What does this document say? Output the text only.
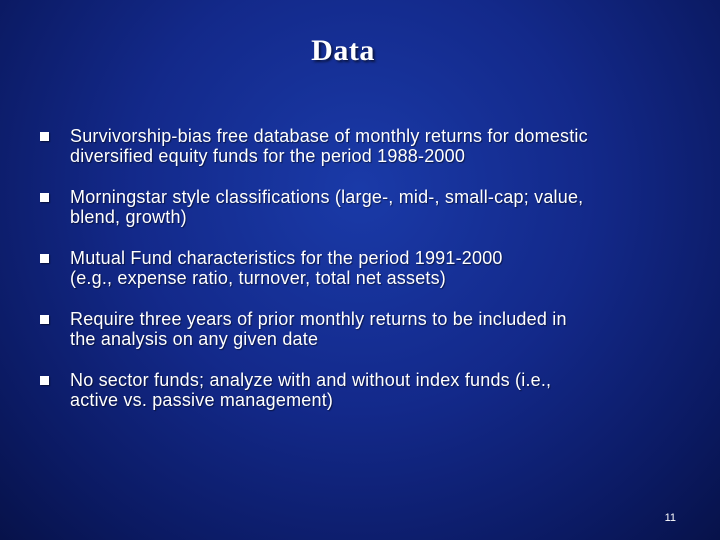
Data
Survivorship-bias free database of monthly returns for domestic
diversified equity funds for the period 1988-2000
Morningstar style classifications (large-, mid-, small-cap; value,
blend, growth)
Mutual Fund characteristics for the period 1991-2000
(e.g., expense ratio, turnover, total net assets)
Require three years of prior monthly returns to be included in
the analysis on any given date
No sector funds; analyze with and without index funds (i.e.,
active vs. passive management)
11
